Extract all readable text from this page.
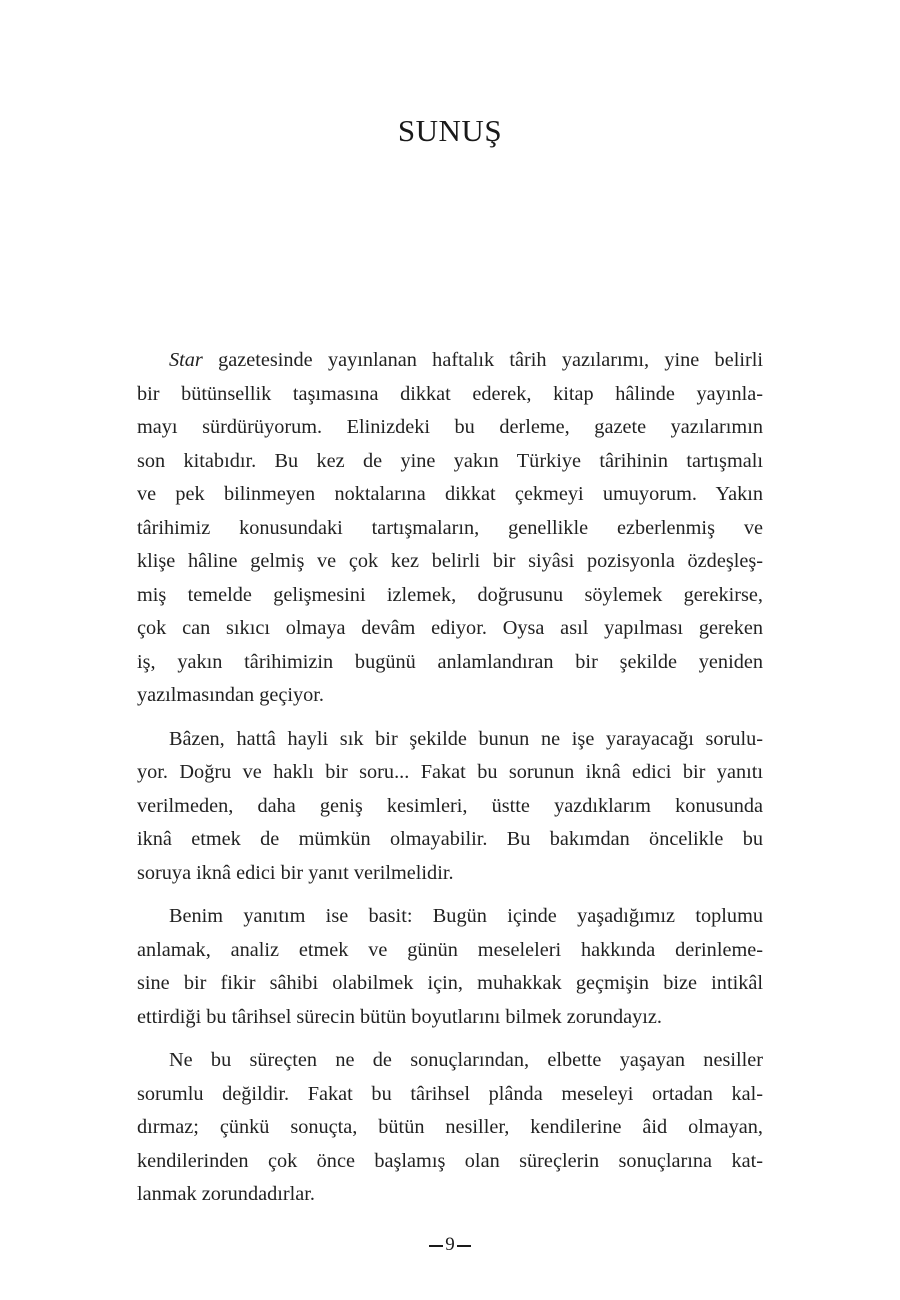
SUNUŞ

Star gazetesinde yayınlanan haftalık târih yazılarımı, yine belirli
bir bütünsellik taşımasına dikkat ederek, kitap hâlinde yayınla-
mayı sürdürüyorum. Elinizdeki bu derleme, gazete yazılarımın
son kitabıdır. Bu kez de yine yakın Türkiye târihinin tartışmalı
ve pek bilinmeyen noktalarına dikkat çekmeyi umuyorum. Yakın
târihimiz konusundaki tartışmaların, genellikle ezberlenmiş ve
klişe hâline gelmiş ve çok kez belirli bir siyâsi pozisyonla özdeşleş-
miş temelde gelişmesini izlemek, doğrusunu söylemek gerekirse,
çok can sıkıcı olmaya devâm ediyor. Oysa asıl yapılması gereken
iş, yakın târihimizin bugünü anlamlandıran bir şekilde yeniden
yazılmasından geçiyor.

Bâzen, hattâ hayli sık bir şekilde bunun ne işe yarayacağı sorulu-
yor. Doğru ve haklı bir soru... Fakat bu sorunun iknâ edici bir yanıtı
verilmeden, daha geniş kesimleri, üstte yazdıklarım konusunda
iknâ etmek de mümkün olmayabilir. Bu bakımdan öncelikle bu
soruya iknâ edici bir yanıt verilmelidir.

Benim yanıtım ise basit: Bugün içinde yaşadığımız toplumu
anlamak, analiz etmek ve günün meseleleri hakkında derinleme-
sine bir fikir sâhibi olabilmek için, muhakkak geçmişin bize intikâl
ettirdiği bu târihsel sürecin bütün boyutlarını bilmek zorundayız.

Ne bu süreçten ne de sonuçlarından, elbette yaşayan nesiller
sorumlu değildir. Fakat bu târihsel plânda meseleyi ortadan kal-
dırmaz; çünkü sonuçta, bütün nesiller, kendilerine âid olmayan,
kendilerinden çok önce başlamış olan süreçlerin sonuçlarına kat-
lanmak zorundadırlar.

9
